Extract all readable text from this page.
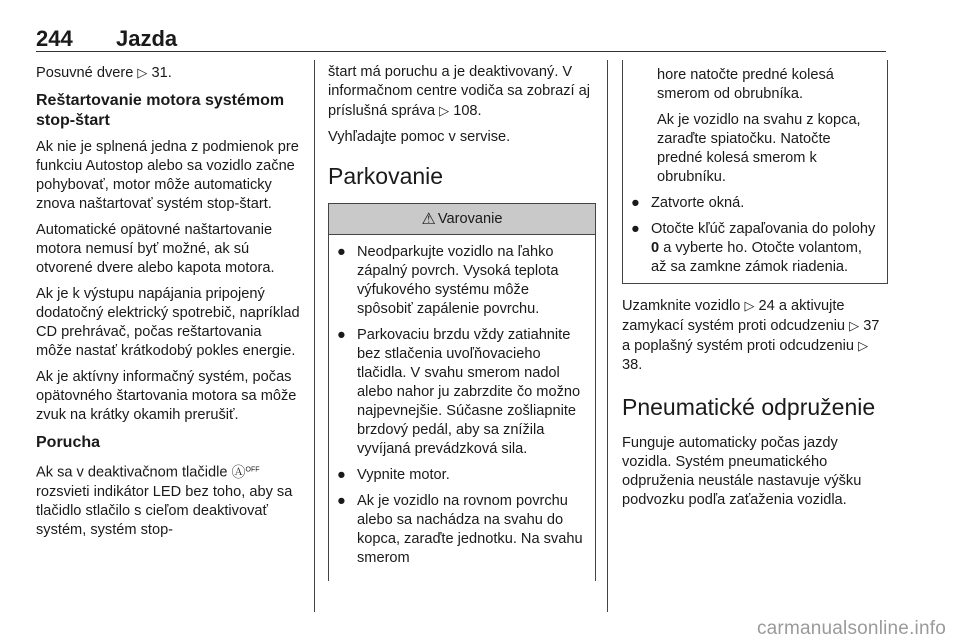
244 Jazda

Posuvné dvere ▷ 31.

Reštartovanie motora systémom stop-štart

Ak nie je splnená jedna z podmienok pre funkciu Autostop alebo sa vozidlo začne pohybovať, motor môže automaticky znova naštartovať systém stop-štart.

Automatické opätovné naštartovanie motora nemusí byť možné, ak sú otvorené dvere alebo kapota motora.

Ak je k výstupu napájania pripojený dodatočný elektrický spotrebič, napríklad CD prehrávač, počas reštartovania môže nastať krátkodobý pokles energie.

Ak je aktívny informačný systém, počas opätovného štartovania motora sa môže zvuk na krátky okamih prerušiť.

Porucha

Ak sa v deaktivačnom tlačidle Ⓐ$^{OFF}$ rozsvieti indikátor LED bez toho, aby sa tlačidlo stlačilo s cieľom deaktivovať systém, systém stop-

štart má poruchu a je deaktivovaný. V informačnom centre vodiča sa zobrazí aj príslušná správa ▷ 108.

Vyhľadajte pomoc v servise.

Parkovanie
⚠ Varovanie
● Neodparkujte vozidlo na ľahko zápalný povrch. Vysoká teplota výfukového systému môže spôsobiť zapálenie povrchu.
● Parkovaciu brzdu vždy zatiahnite bez stlačenia uvoľňovacieho tlačidla. V svahu smerom nadol alebo nahor ju zabrzdite čo možno najpevnejšie. Súčasne zošliapnite brzdový pedál, aby sa znížila vyvíjaná prevádzková sila.
● Vypnite motor.
● Ak je vozidlo na rovnom povrchu alebo sa nachádza na svahu do kopca, zaraďte jednotku. Na svahu smerom

hore natočte predné kolesá smerom od obrubníka.

Ak je vozidlo na svahu z kopca, zaraďte spiatočku. Natočte predné kolesá smerom k obrubníku.

● Zatvorte okná.
● Otočte kľúč zapaľovania do polohy 0 a vyberte ho. Otočte volantom, až sa zamkne zámok riadenia.

Uzamknite vozidlo ▷ 24 a aktivujte zamykací systém proti odcudzeniu ▷ 37 a poplašný systém proti odcudzeniu ▷ 38.

Pneumatické odpruženie

Funguje automaticky počas jazdy vozidla. Systém pneumatického odpruženia neustále nastavuje výšku podvozku podľa zaťaženia vozidla.

carmanualsonline.info
